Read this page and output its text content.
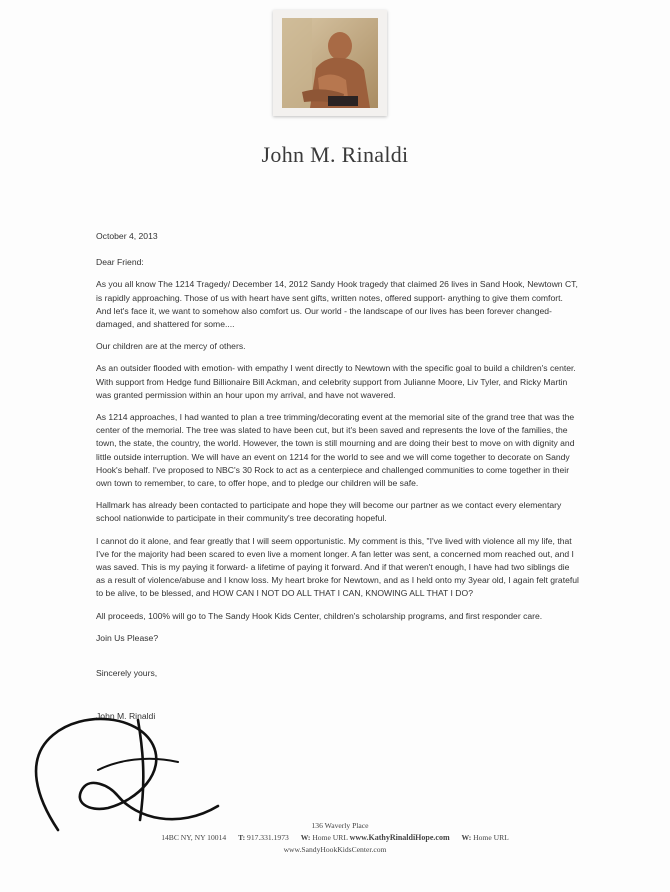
John M. Rinaldi

October 4, 2013

Dear Friend:

As you all know The 1214 Tragedy/ December 14, 2012 Sandy Hook tragedy that claimed 26 lives in Sand Hook, Newtown CT, is rapidly approaching. Those of us with heart have sent gifts, written notes, offered support- anything to give them comfort. And let's face it, we want to somehow also comfort us. Our world - the landscape of our lives has been forever changed- damaged, and shattered for some....

Our children are at the mercy of others.

As an outsider flooded with emotion- with empathy I went directly to Newtown with the specific goal to build a children's center. With support from Hedge fund Billionaire Bill Ackman, and celebrity support from Julianne Moore, Liv Tyler, and Ricky Martin was granted permission within an hour upon my arrival, and have not wavered.

As 1214 approaches, I had wanted to plan a tree trimming/decorating event at the memorial site of the grand tree that was the center of the memorial. The tree was slated to have been cut, but it's been saved and represents the love of the families, the town, the state, the country, the world. However, the town is still mourning and are doing their best to move on with dignity and little outside interruption. We will have an event on 1214 for the world to see and we will come together to decorate on Sandy Hook's behalf. I've proposed to NBC's 30 Rock to act as a centerpiece and challenged communities to come together in their own town to remember, to care, to offer hope, and to pledge our children will be safe.

Hallmark has already been contacted to participate and hope they will become our partner as we contact every elementary school nationwide to participate in their community's tree decorating hopeful.

I cannot do it alone, and fear greatly that I will seem opportunistic. My comment is this, "I've lived with violence all my life, that I've for the majority had been scared to even live a moment longer. A fan letter was sent, a concerned mom reached out, and I was saved. This is my paying it forward- a lifetime of paying it forward. And if that weren't enough, I have had two siblings die as a result of violence/abuse and I know loss. My heart broke for Newtown, and as I held onto my 3year old, I again felt grateful to be alive, to be blessed, and HOW CAN I NOT DO ALL THAT I CAN, KNOWING ALL THAT I DO?

All proceeds, 100% will go to The Sandy Hook Kids Center, children's scholarship programs, and first responder care.

Join Us Please?

Sincerely yours,

John M. Rinaldi

136 Waverly Place
14BC NY, NY 10014 T: 917.331.1973 W: Home URL www.KathyRinaldiHope.com W: Home URL
www.SandyHookKidsCenter.com
